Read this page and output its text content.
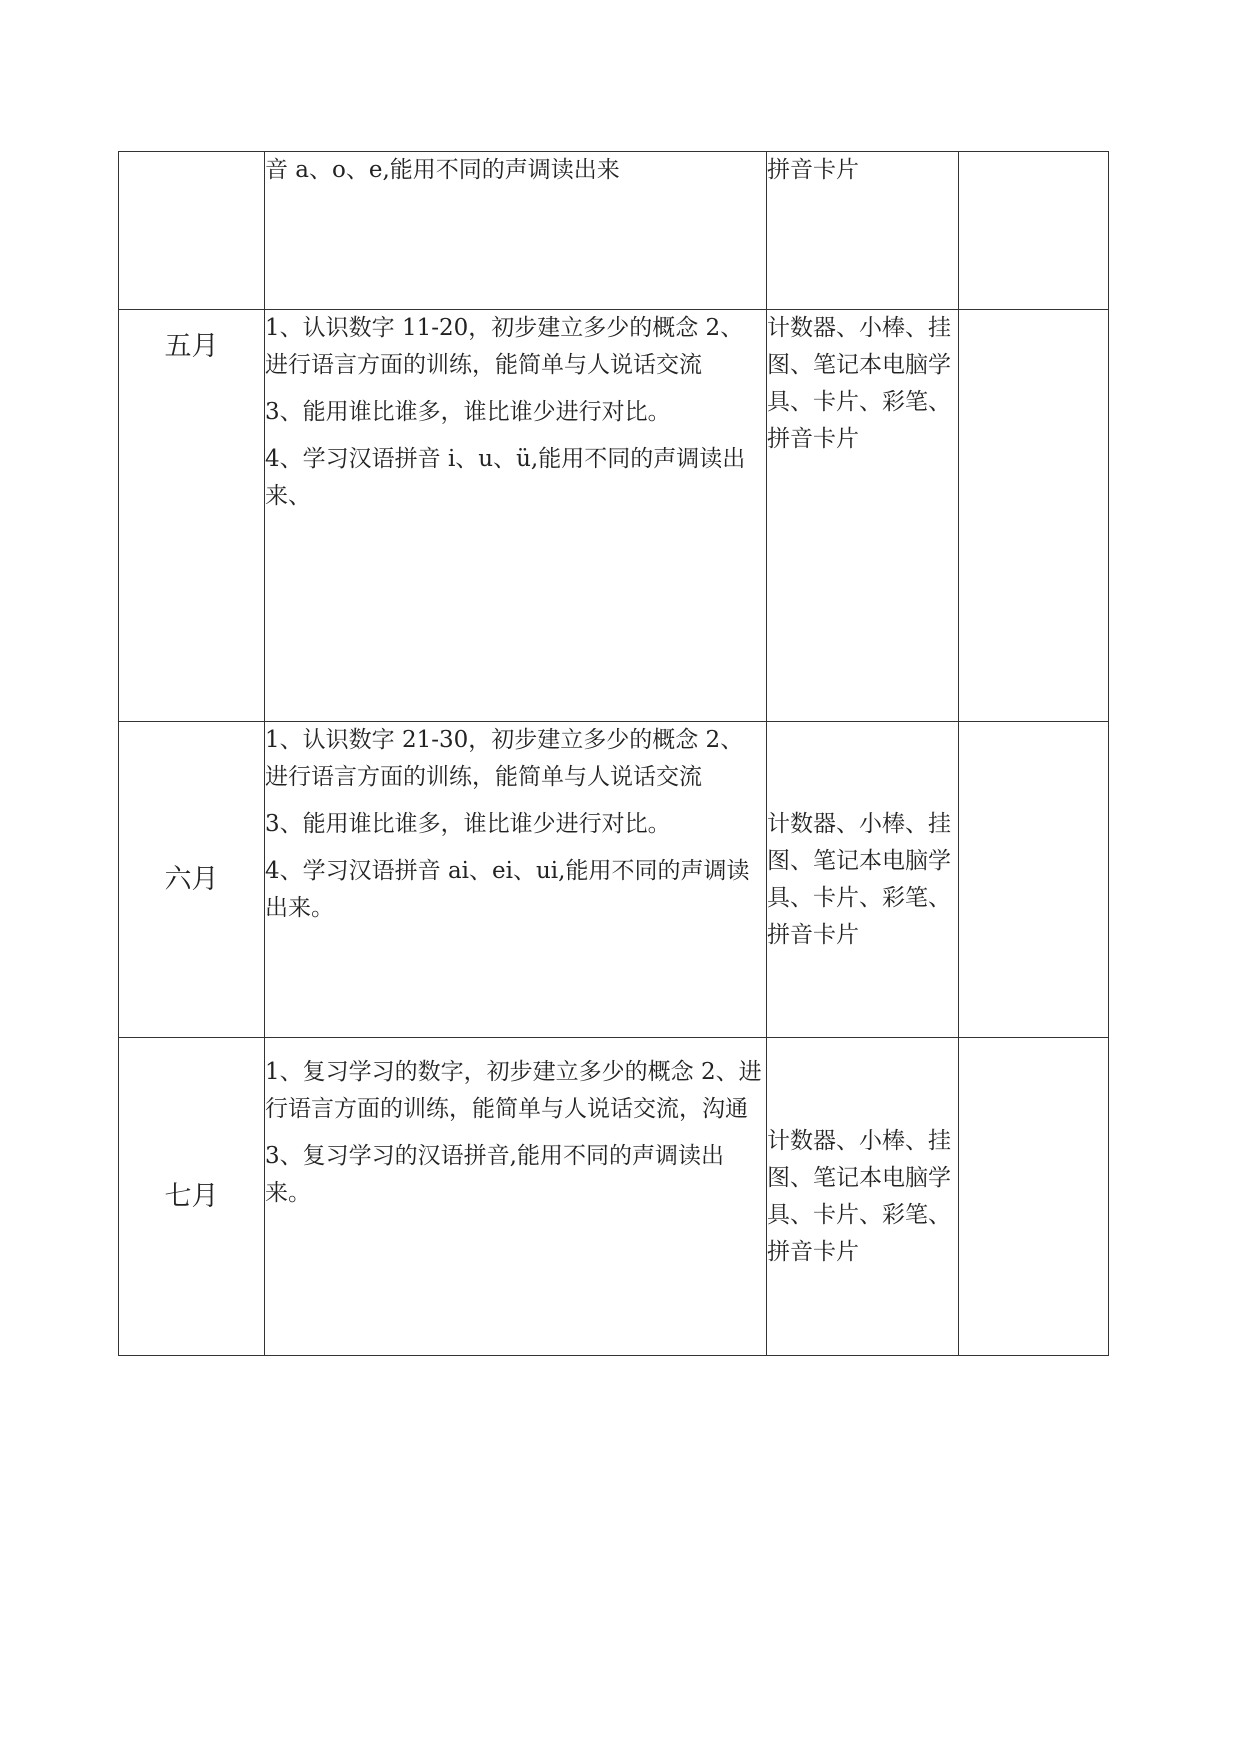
	音 a、o、e,能用不同的声调读出来	拼音卡片	

五月	1、认识数字 11-20，初步建立多少的概念 2、进行语言方面的训练，能简单与人说话交流
3、能用谁比谁多，谁比谁少进行对比。
4、学习汉语拼音 i、u、ü,能用不同的声调读出来、	计数器、小棒、挂图、笔记本电脑学具、卡片、彩笔、拼音卡片	

六月	1、认识数字 21-30，初步建立多少的概念 2、进行语言方面的训练，能简单与人说话交流
3、能用谁比谁多，谁比谁少进行对比。
4、学习汉语拼音 ai、ei、ui,能用不同的声调读出来。	计数器、小棒、挂图、笔记本电脑学具、卡片、彩笔、拼音卡片	

七月	1、复习学习的数字，初步建立多少的概念 2、进行语言方面的训练，能简单与人说话交流，沟通
3、复习学习的汉语拼音,能用不同的声调读出来。	计数器、小棒、挂图、笔记本电脑学具、卡片、彩笔、拼音卡片	
